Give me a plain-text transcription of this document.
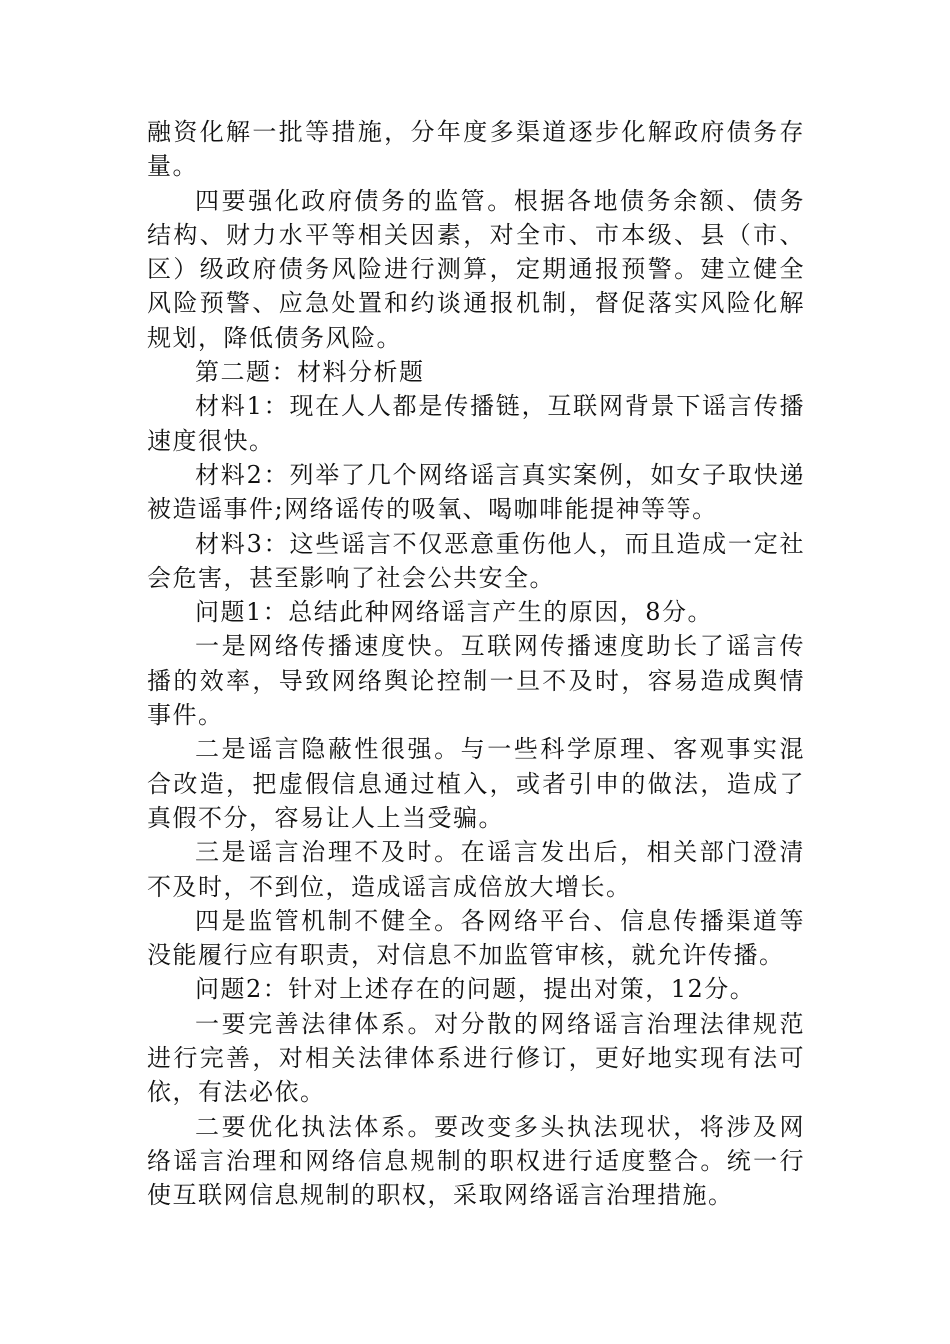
融资化解一批等措施，分年度多渠道逐步化解政府债务存量。

四要强化政府债务的监管。根据各地债务余额、债务结构、财力水平等相关因素，对全市、市本级、县（市、区）级政府债务风险进行测算，定期通报预警。建立健全风险预警、应急处置和约谈通报机制，督促落实风险化解规划，降低债务风险。

第二题：材料分析题

材料1：现在人人都是传播链，互联网背景下谣言传播速度很快。

材料2：列举了几个网络谣言真实案例，如女子取快递被造谣事件;网络谣传的吸氧、喝咖啡能提神等等。

材料3：这些谣言不仅恶意重伤他人，而且造成一定社会危害，甚至影响了社会公共安全。

问题1：总结此种网络谣言产生的原因，8分。

一是网络传播速度快。互联网传播速度助长了谣言传播的效率，导致网络舆论控制一旦不及时，容易造成舆情事件。

二是谣言隐蔽性很强。与一些科学原理、客观事实混合改造，把虚假信息通过植入，或者引申的做法，造成了真假不分，容易让人上当受骗。

三是谣言治理不及时。在谣言发出后，相关部门澄清不及时，不到位，造成谣言成倍放大增长。

四是监管机制不健全。各网络平台、信息传播渠道等没能履行应有职责，对信息不加监管审核，就允许传播。

问题2：针对上述存在的问题，提出对策，12分。

一要完善法律体系。对分散的网络谣言治理法律规范进行完善，对相关法律体系进行修订，更好地实现有法可依，有法必依。

二要优化执法体系。要改变多头执法现状，将涉及网络谣言治理和网络信息规制的职权进行适度整合。统一行使互联网信息规制的职权，采取网络谣言治理措施。
